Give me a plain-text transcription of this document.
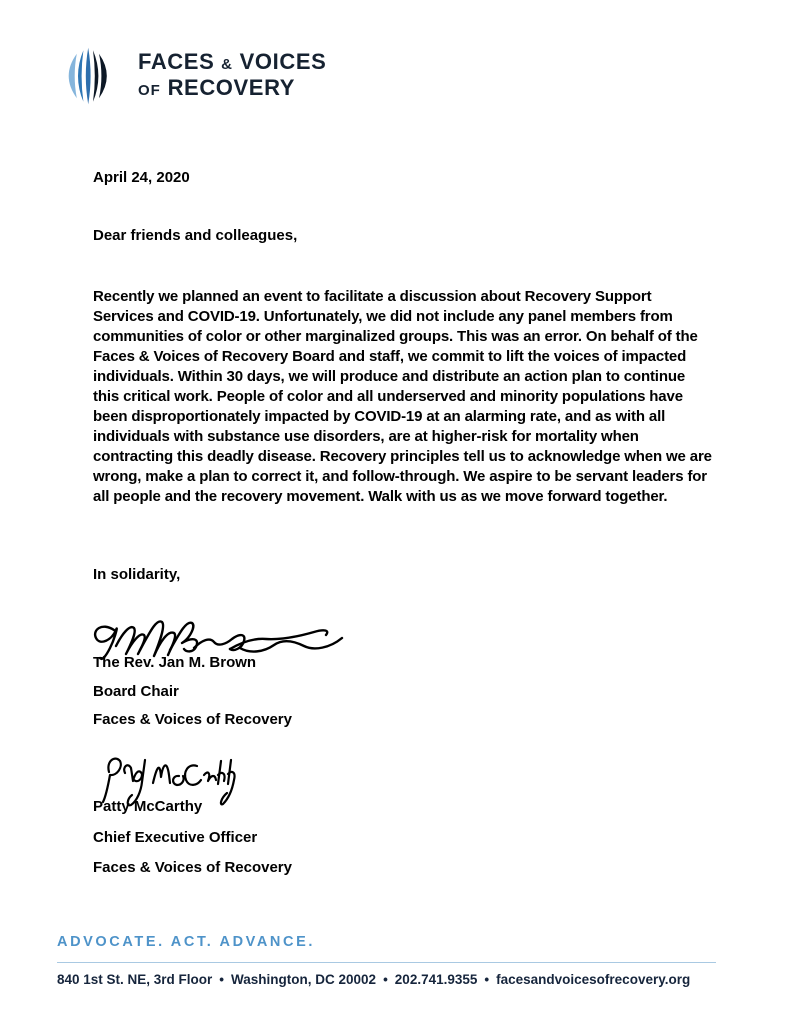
FACES & VOICES
OF RECOVERY
April 24, 2020
Dear friends and colleagues,

Recently we planned an event to facilitate a discussion about Recovery Support Services and COVID-19. Unfortunately, we did not include any panel members from communities of color or other marginalized groups. This was an error. On behalf of the Faces & Voices of Recovery Board and staff, we commit to lift the voices of impacted individuals. Within 30 days, we will produce and distribute an action plan to continue this critical work. People of color and all underserved and minority populations have been disproportionately impacted by COVID-19 at an alarming rate, and as with all individuals with substance use disorders, are at higher-risk for mortality when contracting this deadly disease. Recovery principles tell us to acknowledge when we are wrong, make a plan to correct it, and follow-through. We aspire to be servant leaders for all people and the recovery movement. Walk with us as we move forward together.

In solidarity,
The Rev. Jan M. Brown
Board Chair
Faces & Voices of Recovery
Patty McCarthy
Chief Executive Officer
Faces & Voices of Recovery
ADVOCATE. ACT. ADVANCE.
840 1st St. NE, 3rd Floor • Washington, DC 20002 • 202.741.9355 • facesandvoicesofrecovery.org
